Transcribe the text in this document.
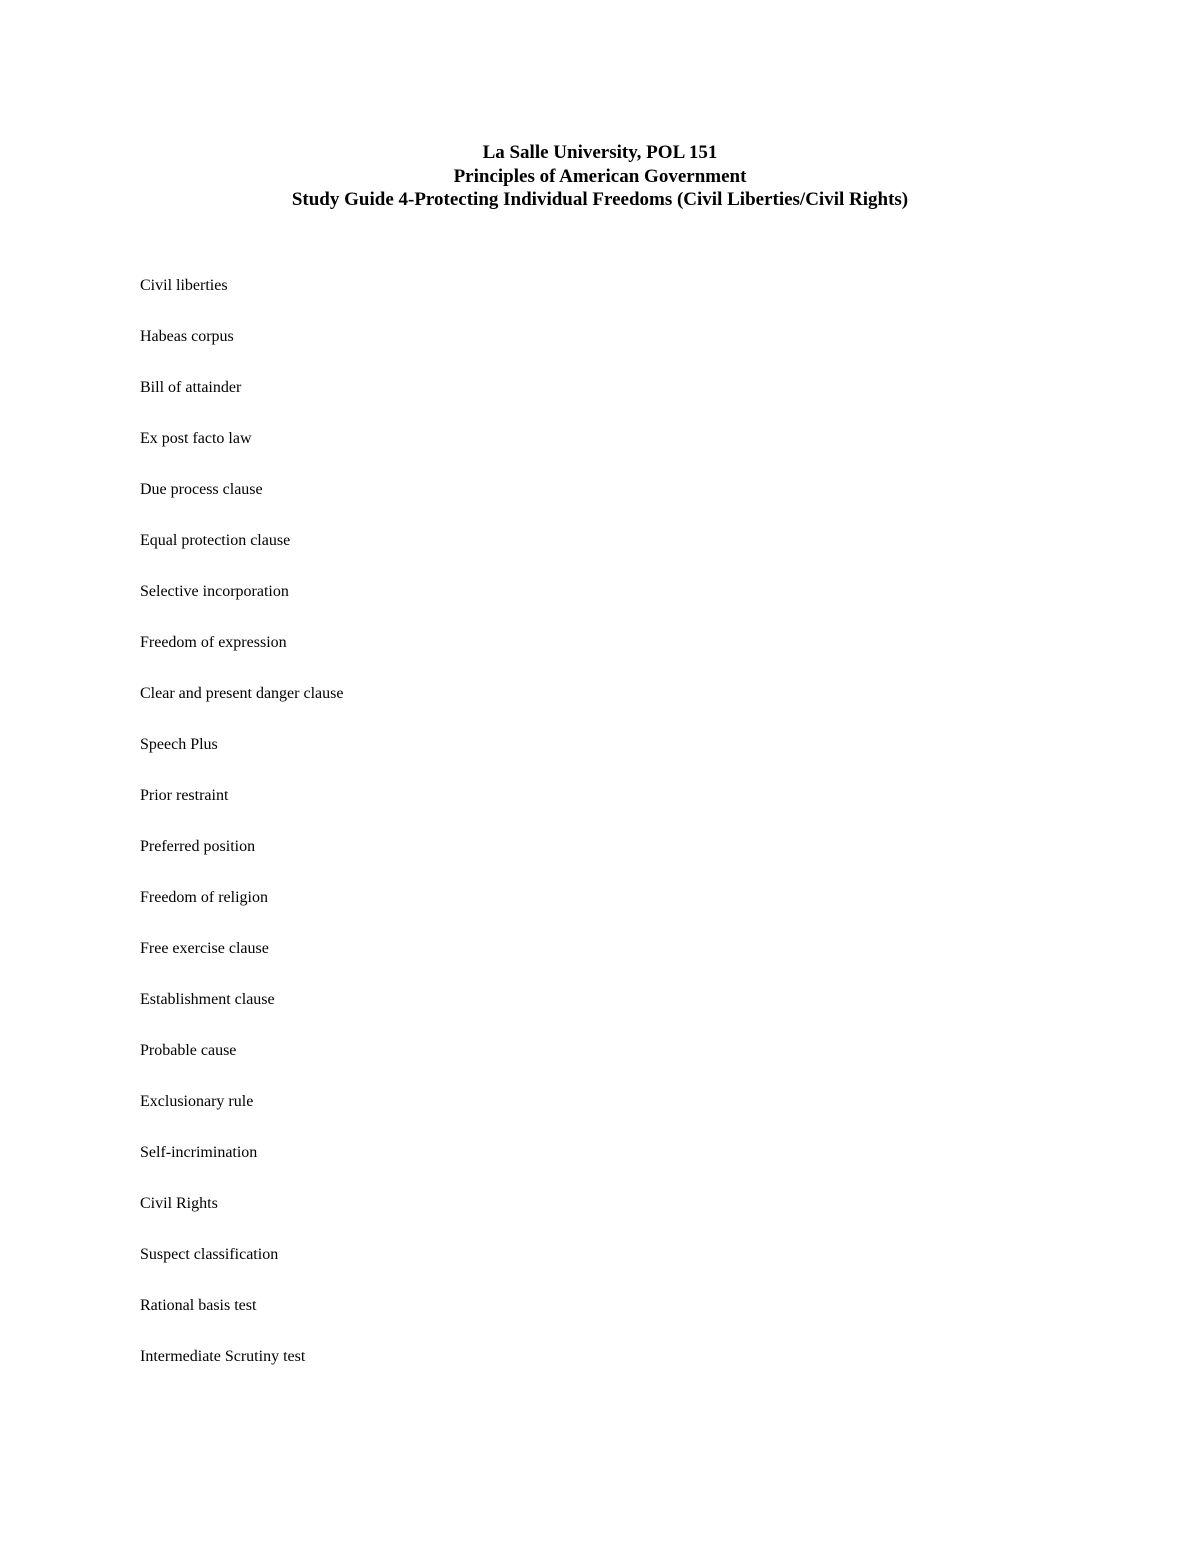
La Salle University, POL 151
Principles of American Government
Study Guide 4-Protecting Individual Freedoms (Civil Liberties/Civil Rights)
Civil liberties
Habeas corpus
Bill of attainder
Ex post facto law
Due process clause
Equal protection clause
Selective incorporation
Freedom of expression
Clear and present danger clause
Speech Plus
Prior restraint
Preferred position
Freedom of religion
Free exercise clause
Establishment clause
Probable cause
Exclusionary rule
Self-incrimination
Civil Rights
Suspect classification
Rational basis test
Intermediate Scrutiny test
